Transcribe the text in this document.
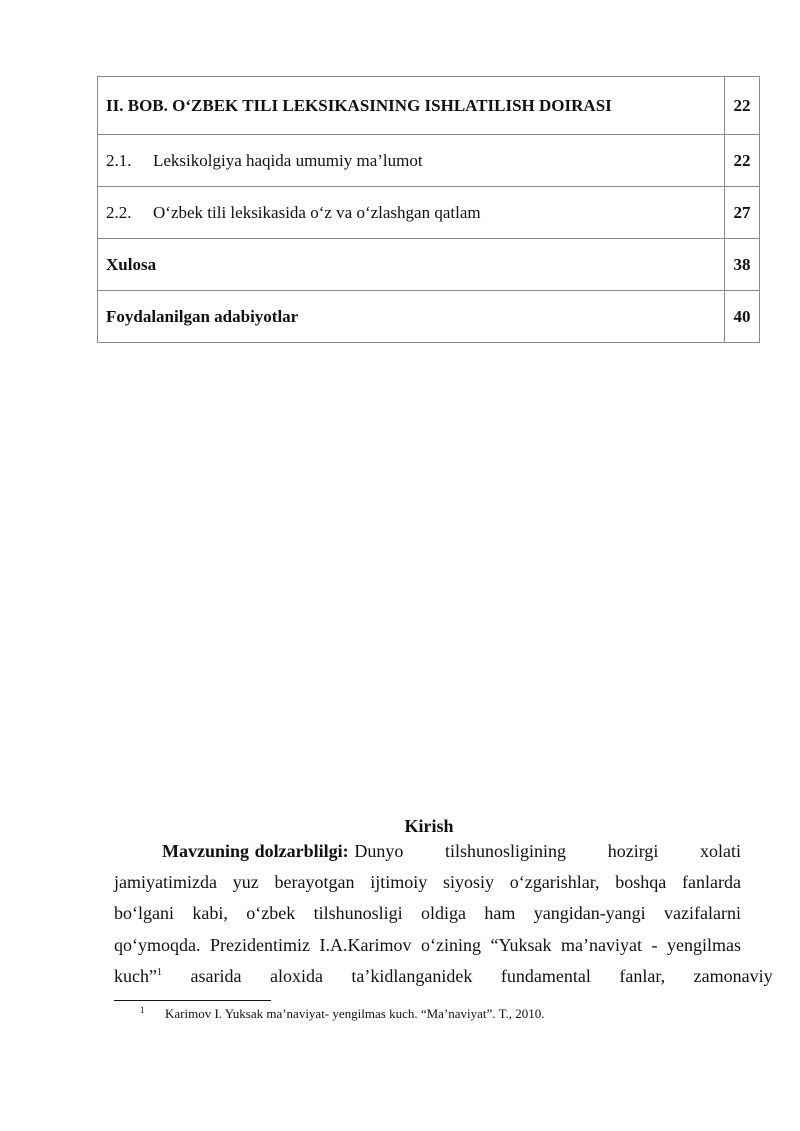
II. BOB. O‘ZBEK TILI LEKSIKASINING ISHLATILISH DOIRASI	22
2.1. Leksikolgiya haqida umumiy ma’lumot	22
2.2. O‘zbek tili leksikasida o‘z va o‘zlashgan qatlam	27
Xulosa	38
Foydalanilgan adabiyotlar	40
Kirish
Mavzuning dolzarblilgi: Dunyo tilshunosligining hozirgi xolati
jamiyatimizda yuz berayotgan ijtimoiy siyosiy o‘zgarishlar, boshqa fanlarda
bo‘lgani kabi, o‘zbek tilshunosligi oldiga ham yangidan-yangi vazifalarni
qo‘ymoqda. Prezidentimiz I.A.Karimov o‘zining “Yuksak ma’naviyat - yengilmas
kuch”$^1$ asarida aloxida ta’kidlanganidek fundamental fanlar, zamonaviy
1 Karimov I. Yuksak ma’naviyat- yengilmas kuch. “Ma’naviyat”. T., 2010.
